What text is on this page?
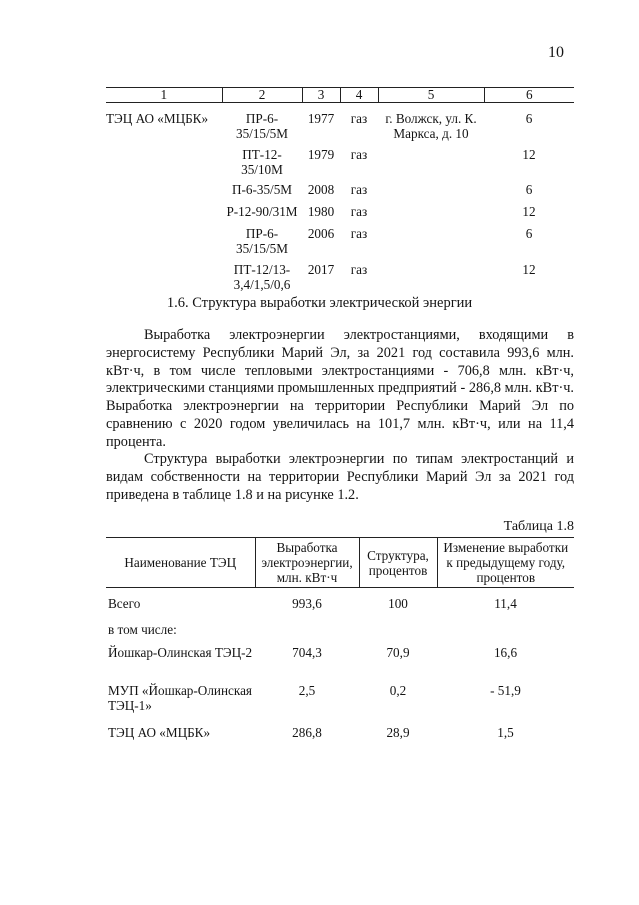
10
1	2	3	4	5	6
ТЭЦ АО «МЦБК»	ПР-6-35/15/5М	1977	газ	г. Волжск, ул. К. Маркса, д. 10	6
	ПТ-12-35/10М	1979	газ		12
	П-6-35/5М	2008	газ		6
	Р-12-90/31М	1980	газ		12
	ПР-6-35/15/5М	2006	газ		6
	ПТ-12/13-3,4/1,5/0,6	2017	газ		12
1.6. Структура выработки электрической энергии

Выработка электроэнергии электростанциями, входящими в энергосистему Республики Марий Эл, за 2021 год составила 993,6 млн. кВт·ч, в том числе тепловыми электростанциями - 706,8 млн. кВт·ч, электрическими станциями промышленных предприятий - 286,8 млн. кВт·ч. Выработка электроэнергии на территории Республики Марий Эл по сравнению с 2020 годом увеличилась на 101,7 млн. кВт·ч, или на 11,4 процента.

Структура выработки электроэнергии по типам электростанций и видам собственности на территории Республики Марий Эл за 2021 год приведена в таблице 1.8 и на рисунке 1.2.

Таблица 1.8
Наименование ТЭЦ	Выработка электроэнергии, млн. кВт·ч	Структура, процентов	Изменение выработки к предыдущему году, процентов
Всего	993,6	100	11,4
в том числе:			
Йошкар-Олинская ТЭЦ-2	704,3	70,9	16,6
МУП «Йошкар-Олинская ТЭЦ-1»	2,5	0,2	- 51,9
ТЭЦ АО «МЦБК»	286,8	28,9	1,5
